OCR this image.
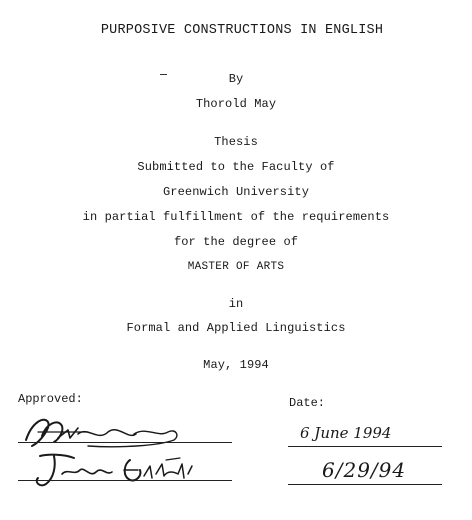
PURPOSIVE CONSTRUCTIONS IN ENGLISH
By
Thorold May
Thesis
Submitted to the Faculty of
Greenwich University
in partial fulfillment of the requirements
for the degree of
MASTER OF ARTS
in
Formal and Applied Linguistics
May, 1994
Approved:	Date:
6 June 1994
6/29/94
